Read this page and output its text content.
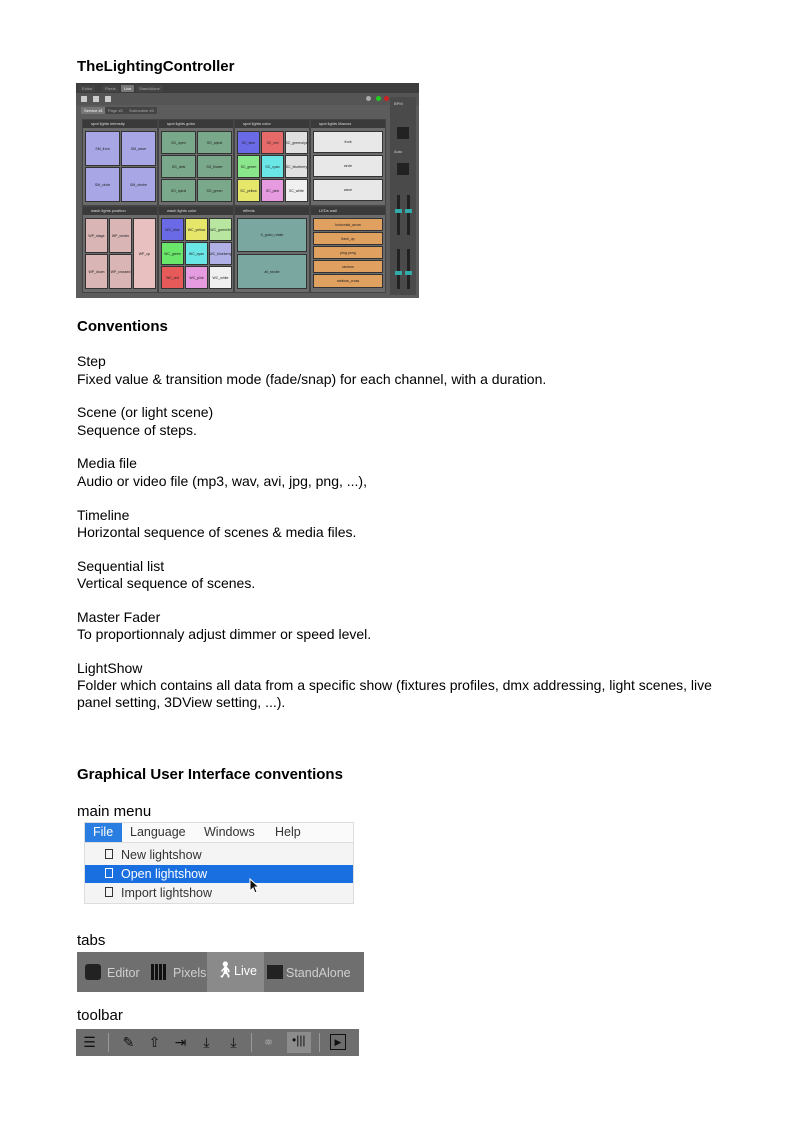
TheLightingController
Editor	Pixels	Live	StandAlone
Service #1	Page #2	Subroutine #3
spot lights intensity
SM_front	SM_wave
SM_circle	SM_strobe
spot lights gobo
SG_open	SG_spiral
SG_dots	SG_flower
SG_spiral	SG_green
spot lights color
SC_blue	SC_red	SC_greenolyz
SC_green	SC_cyan	SC_blueberry
SC_yellow	SC_pink	SC_white
spot lights Macros
front
circle
wave
wash lights position
WP_stage	WP_center
WP_up
WP_down	WP_crossed
wash lights color
WC_blue	WC_yellow	WC_green/bl
WC_green	WC_cyan	WC_blueberry
WC_red	WC_pink	WC_white
effects
S_gobo_rotate
all_strobe
LEDs wall
horizontal_arrow
flash_up
ping pong
random
rainbow_cross
BPM
Auto
Conventions
Step
Fixed value & transition mode (fade/snap) for each channel, with a duration.
Scene (or light scene)
Sequence of steps.
Media file
Audio or video file (mp3, wav, avi, jpg, png, ...),
Timeline
Horizontal sequence of scenes & media files.
Sequential list
Vertical sequence of scenes.
Master Fader
To proportionnaly adjust dimmer or speed level.
LightShow
Folder which contains all data from a specific show (fixtures profiles, dmx addressing, light scenes, live panel setting, 3DView setting, ...).
Graphical User Interface conventions
main menu
File Language Windows Help
New lightshow
Open lightshow
Import lightshow
tabs
Editor	Pixels 🚶︎
Live StandAlone
toolbar
☰ ✎ ⇧ ⇥	⤓	⤓	⚭ •|||	▶
